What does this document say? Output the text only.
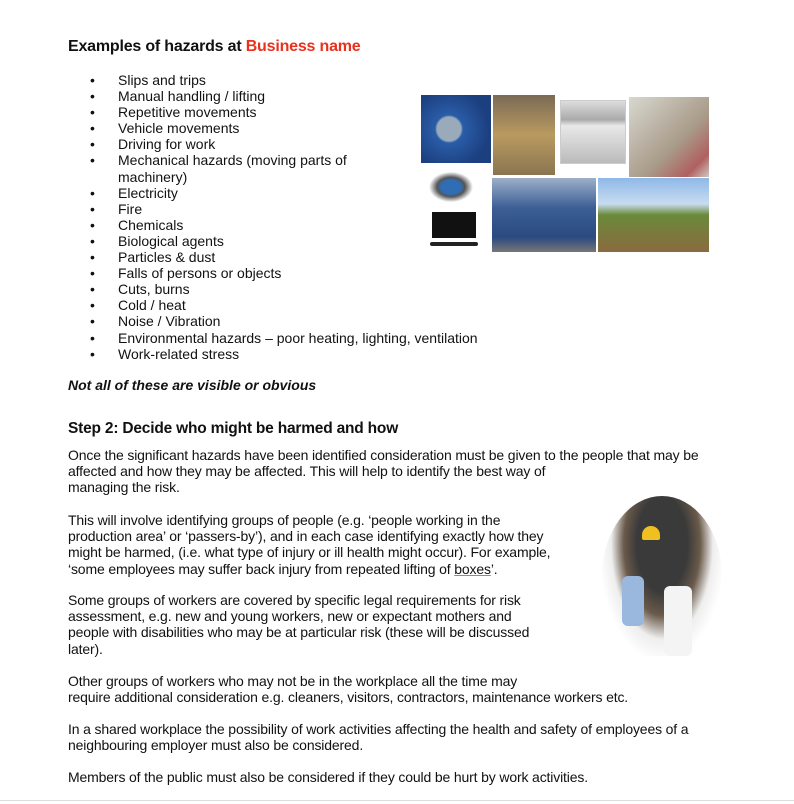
Examples of hazards at Business name
• Slips and trips
• Manual handling / lifting
• Repetitive movements
• Vehicle movements
• Driving for work
• Mechanical hazards (moving parts of
machinery)
• Electricity
• Fire
• Chemicals
• Biological agents
• Particles & dust
• Falls of persons or objects
• Cuts, burns
• Cold / heat
• Noise / Vibration
• Environmental hazards – poor heating, lighting, ventilation
• Work-related stress
Not all of these are visible or obvious
Step 2: Decide who might be harmed and how
Once the significant hazards have been identified consideration must be given to the people that may be
affected and how they may be affected. This will help to identify the best way of
managing the risk.
This will involve identifying groups of people (e.g. ‘people working in the
production area’ or ‘passers-by’), and in each case identifying exactly how they
might be harmed, (i.e. what type of injury or ill health might occur). For example,
‘some employees may suffer back injury from repeated lifting of boxes’.
Some groups of workers are covered by specific legal requirements for risk
assessment, e.g. new and young workers, new or expectant mothers and
people with disabilities who may be at particular risk (these will be discussed
later).
Other groups of workers who may not be in the workplace all the time may
require additional consideration e.g. cleaners, visitors, contractors, maintenance workers etc.
In a shared workplace the possibility of work activities affecting the health and safety of employees of a
neighbouring employer must also be considered.
Members of the public must also be considered if they could be hurt by work activities.
